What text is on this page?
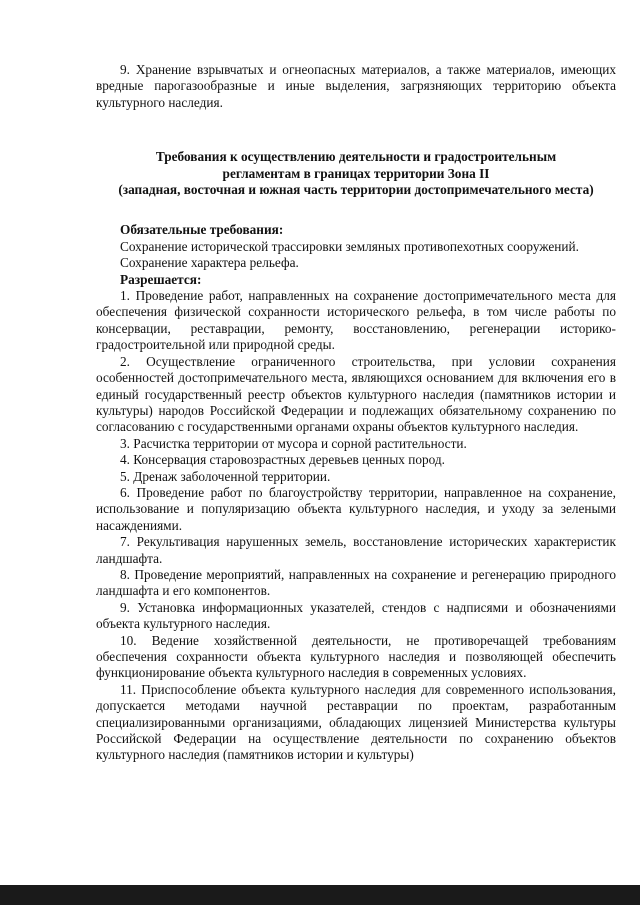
9. Хранение взрывчатых и огнеопасных материалов, а также материалов, имеющих вредные парогазообразные и иные выделения, загрязняющих территорию объекта культурного наследия.

Требования к осуществлению деятельности и градостроительным
регламентам в границах территории Зона II
(западная, восточная и южная часть территории достопримечательного места)

Обязательные требования:

Сохранение исторической трассировки земляных противопехотных сооружений.

Сохранение характера рельефа.

Разрешается:

1. Проведение работ, направленных на сохранение достопримечательного места для обеспечения физической сохранности исторического рельефа, в том числе работы по консервации, реставрации, ремонту, восстановлению, регенерации историко-градостроительной или природной среды.

2. Осуществление ограниченного строительства, при условии сохранения особенностей достопримечательного места, являющихся основанием для включения его в единый государственный реестр объектов культурного наследия (памятников истории и культуры) народов Российской Федерации и подлежащих обязательному сохранению по согласованию с государственными органами охраны объектов культурного наследия.

3. Расчистка территории от мусора и сорной растительности.

4. Консервация старовозрастных деревьев ценных пород.

5. Дренаж заболоченной территории.

6. Проведение работ по благоустройству территории, направленное на сохранение, использование и популяризацию объекта культурного наследия, и уходу за зелеными насаждениями.

7. Рекультивация нарушенных земель, восстановление исторических характеристик ландшафта.

8. Проведение мероприятий, направленных на сохранение и регенерацию природного ландшафта и его компонентов.

9. Установка информационных указателей, стендов с надписями и обозначениями объекта культурного наследия.

10. Ведение хозяйственной деятельности, не противоречащей требованиям обеспечения сохранности объекта культурного наследия и позволяющей обеспечить функционирование объекта культурного наследия в современных условиях.

11. Приспособление объекта культурного наследия для современного использования, допускается методами научной реставрации по проектам, разработанным специализированными организациями, обладающих лицензией Министерства культуры Российской Федерации на осуществление деятельности по сохранению объектов культурного наследия (памятников истории и культуры)
